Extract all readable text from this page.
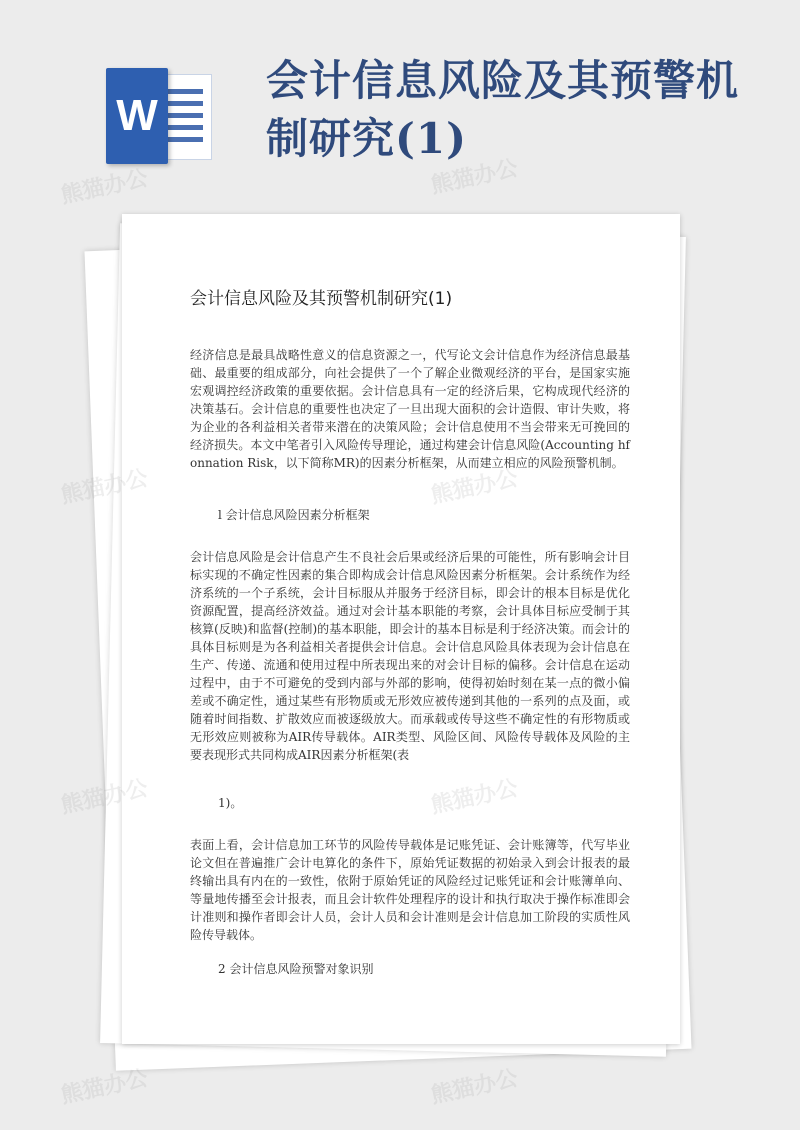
W
会计信息风险及其预警机制研究(1)
会计信息风险及其预警机制研究(1)
经济信息是最具战略性意义的信息资源之一，代写论文会计信息作为经济信息最基础、最重要的组成部分，向社会提供了一个了解企业微观经济的平台，是国家实施宏观调控经济政策的重要依据。会计信息具有一定的经济后果，它构成现代经济的决策基石。会计信息的重要性也决定了一旦出现大面积的会计造假、审计失败，将为企业的各利益相关者带来潜在的决策风险；会计信息使用不当会带来无可挽回的经济损失。本文中笔者引入风险传导理论，通过构建会计信息风险(Accounting hfonnation Risk，以下简称MR)的因素分析框架，从而建立相应的风险预警机制。
l 会计信息风险因素分析框架
会计信息风险是会计信息产生不良社会后果或经济后果的可能性，所有影响会计目标实现的不确定性因素的集合即构成会计信息风险因素分析框架。会计系统作为经济系统的一个子系统，会计目标服从并服务于经济目标，即会计的根本目标是优化资源配置，提高经济效益。通过对会计基本职能的考察，会计具体目标应受制于其核算(反映)和监督(控制)的基本职能，即会计的基本目标是利于经济决策。而会计的具体目标则是为各利益相关者提供会计信息。会计信息风险具体表现为会计信息在生产、传递、流通和使用过程中所表现出来的对会计目标的偏移。会计信息在运动过程中，由于不可避免的受到内部与外部的影响，使得初始时刻在某一点的微小偏差或不确定性，通过某些有形物质或无形效应被传递到其他的一系列的点及面，或随着时间指数、扩散效应而被逐级放大。而承载或传导这些不确定性的有形物质或无形效应则被称为AIR传导载体。AIR类型、风险区间、风险传导载体及风险的主要表现形式共同构成AIR因素分析框架(表
1)。
表面上看，会计信息加工环节的风险传导载体是记账凭证、会计账簿等，代写毕业论文但在普遍推广会计电算化的条件下，原始凭证数据的初始录入到会计报表的最终输出具有内在的一致性，依附于原始凭证的风险经过记账凭证和会计账簿单向、等量地传播至会计报表，而且会计软件处理程序的设计和执行取决于操作标准即会计准则和操作者即会计人员，会计人员和会计准则是会计信息加工阶段的实质性风险传导载体。
2 会计信息风险预警对象识别
熊猫办公	熊猫办公
熊猫办公
熊猫办公	熊猫办公
